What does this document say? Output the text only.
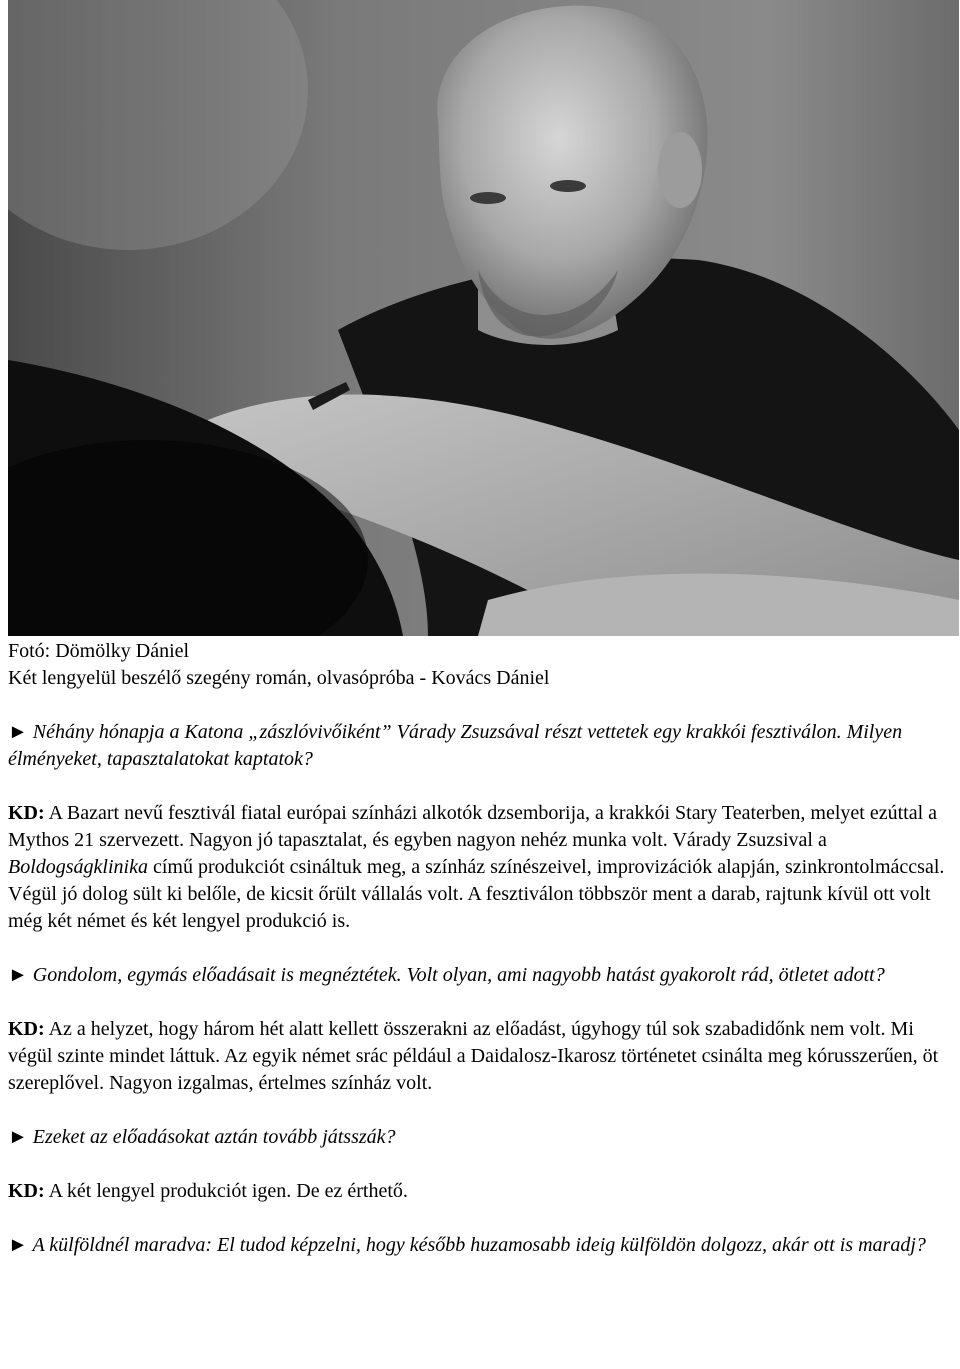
Fotó: Dömölky Dániel

Két lengyelül beszélő szegény román, olvasópróba - Kovács Dániel

► Néhány hónapja a Katona „zászlóvivőiként” Várady Zsuzsával részt vettetek egy krakkói fesztiválon. Milyen élményeket, tapasztalatokat kaptatok?

KD: A Bazart nevű fesztivál fiatal európai színházi alkotók dzsemborija, a krakkói Stary Teaterben, melyet ezúttal a Mythos 21 szervezett. Nagyon jó tapasztalat, és egyben nagyon nehéz munka volt. Várady Zsuzsival a Boldogságklinika című produkciót csináltuk meg, a színház színészeivel, improvizációk alapján, szinkrontolmáccsal. Végül jó dolog sült ki belőle, de kicsit őrült vállalás volt. A fesztiválon többször ment a darab, rajtunk kívül ott volt még két német és két lengyel produkció is.

► Gondolom, egymás előadásait is megnéztétek. Volt olyan, ami nagyobb hatást gyakorolt rád, ötletet adott?

KD: Az a helyzet, hogy három hét alatt kellett összerakni az előadást, úgyhogy túl sok szabadidőnk nem volt. Mi végül szinte mindet láttuk. Az egyik német srác például a Daidalosz-Ikarosz történetet csinálta meg kórusszerűen, öt szereplővel. Nagyon izgalmas, értelmes színház volt.

► Ezeket az előadásokat aztán tovább játsszák?

KD: A két lengyel produkciót igen. De ez érthető.

► A külföldnél maradva: El tudod képzelni, hogy később huzamosabb ideig külföldön dolgozz, akár ott is maradj?
